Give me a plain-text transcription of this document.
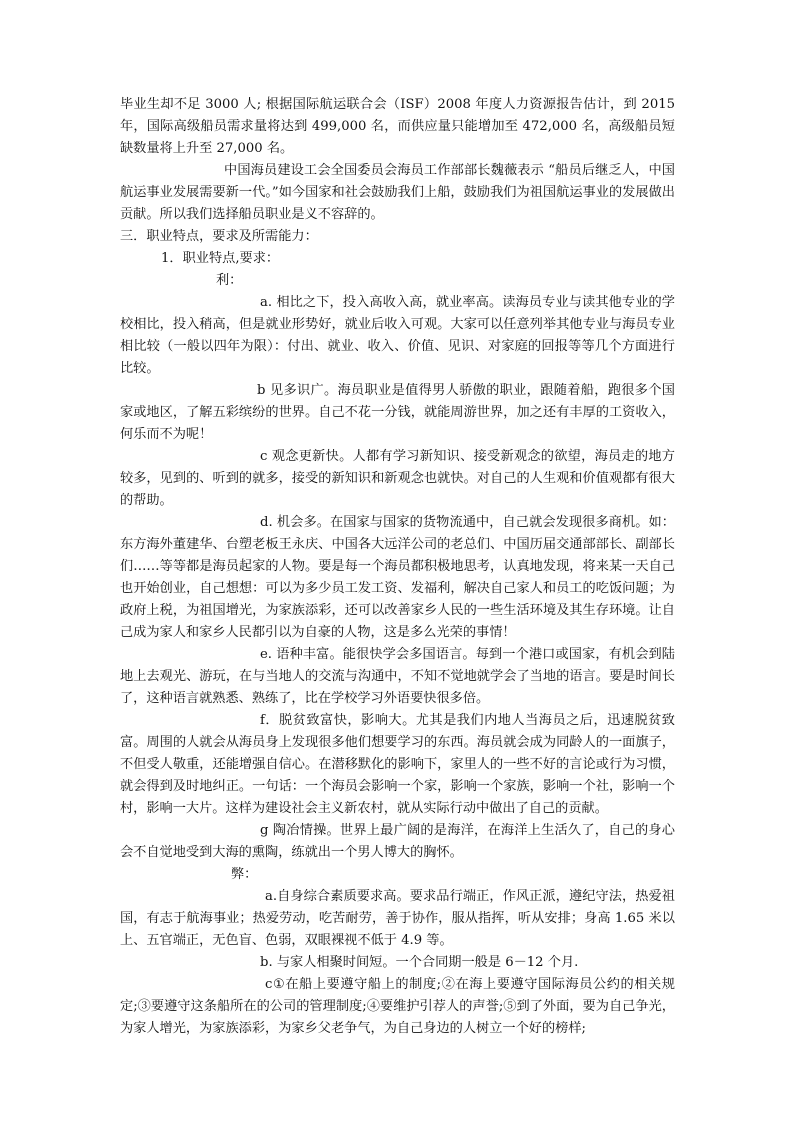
毕业生却不足 3000 人; 根据国际航运联合会（ISF）2008 年度人力资源报告估计，到 2015 年，国际高级船员需求量将达到 499,000 名，而供应量只能增加至 472,000 名，高级船员短缺数量将上升至 27,000 名。

中国海员建设工会全国委员会海员工作部部长魏薇表示 “船员后继乏人，中国航运事业发展需要新一代。”如今国家和社会鼓励我们上船，鼓励我们为祖国航运事业的发展做出贡献。所以我们选择船员职业是义不容辞的。

三．职业特点，要求及所需能力：

1．职业特点,要求：

利：

a. 相比之下，投入高收入高，就业率高。读海员专业与读其他专业的学校相比，投入稍高，但是就业形势好，就业后收入可观。大家可以任意列举其他专业与海员专业相比较（一般以四年为限）：付出、就业、收入、价值、见识、对家庭的回报等等几个方面进行比较。

b 见多识广。海员职业是值得男人骄傲的职业，跟随着船，跑很多个国家或地区，了解五彩缤纷的世界。自己不花一分钱，就能周游世界，加之还有丰厚的工资收入，何乐而不为呢！

c 观念更新快。人都有学习新知识、接受新观念的欲望，海员走的地方较多，见到的、听到的就多，接受的新知识和新观念也就快。对自己的人生观和价值观都有很大的帮助。

d. 机会多。在国家与国家的货物流通中，自己就会发现很多商机。如：东方海外董建华、台塑老板王永庆、中国各大远洋公司的老总们、中国历届交通部部长、副部长们……等等都是海员起家的人物。要是每一个海员都积极地思考，认真地发现，将来某一天自己也开始创业，自己想想：可以为多少员工发工资、发福利，解决自己家人和员工的吃饭问题；为政府上税，为祖国增光，为家族添彩，还可以改善家乡人民的一些生活环境及其生存环境。让自己成为家人和家乡人民都引以为自豪的人物，这是多么光荣的事情！

e. 语种丰富。能很快学会多国语言。每到一个港口或国家，有机会到陆地上去观光、游玩，在与当地人的交流与沟通中，不知不觉地就学会了当地的语言。要是时间长了，这种语言就熟悉、熟练了，比在学校学习外语要快很多倍。

f．脱贫致富快，影响大。尤其是我们内地人当海员之后，迅速脱贫致富。周围的人就会从海员身上发现很多他们想要学习的东西。海员就会成为同龄人的一面旗子，不但受人敬重，还能增强自信心。在潜移默化的影响下，家里人的一些不好的言论或行为习惯，就会得到及时地纠正。一句话：一个海员会影响一个家，影响一个家族，影响一个社，影响一个村，影响一大片。这样为建设社会主义新农村，就从实际行动中做出了自己的贡献。

g 陶冶情操。世界上最广阔的是海洋，在海洋上生活久了，自己的身心会不自觉地受到大海的熏陶，练就出一个男人博大的胸怀。

弊：

a.自身综合素质要求高。要求品行端正，作风正派，遵纪守法，热爱祖国，有志于航海事业；热爱劳动，吃苦耐劳，善于协作，服从指挥，听从安排；身高 1.65 米以上、五官端正，无色盲、色弱，双眼裸视不低于 4.9 等。

b. 与家人相聚时间短。一个合同期一般是 6－12 个月.

c①在船上要遵守船上的制度;②在海上要遵守国际海员公约的相关规定;③要遵守这条船所在的公司的管理制度;④要维护引荐人的声誉;⑤到了外面，要为自己争光，为家人增光，为家族添彩，为家乡父老争气，为自己身边的人树立一个好的榜样;
